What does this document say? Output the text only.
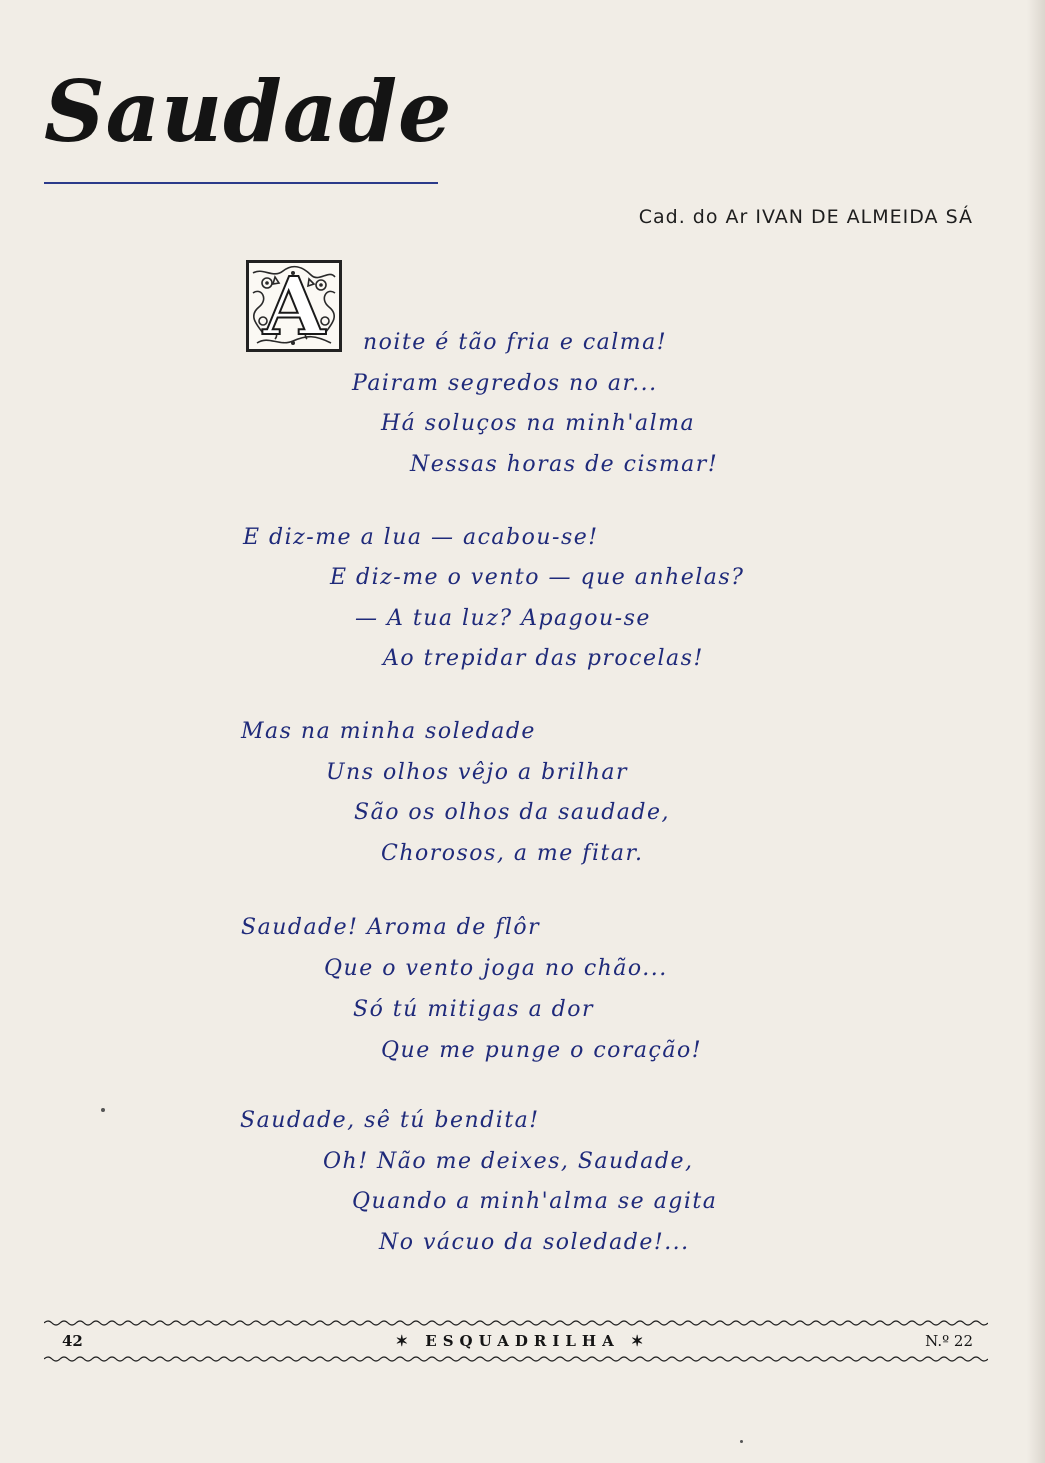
Saudade
Cad. do Ar IVAN DE ALMEIDA SÁ
A	noite é tão fria e calma!
Pairam segredos no ar...
Há soluços na minh'alma
Nessas horas de cismar!
E diz-me a lua — acabou-se!
E diz-me o vento — que anhelas?
— A tua luz? Apagou-se
Ao trepidar das procelas!
Mas na minha soledade
Uns olhos vêjo a brilhar
São os olhos da saudade,
Chorosos, a me fitar.
Saudade! Aroma de flôr
Que o vento joga no chão...
Só tú mitigas a dor
Que me punge o coração!
Saudade, sê tú bendita!
Oh! Não me deixes, Saudade,
Quando a minh'alma se agita
No vácuo da soledade!...
42	✶ ESQUADRILHA ✶	N.º 22
